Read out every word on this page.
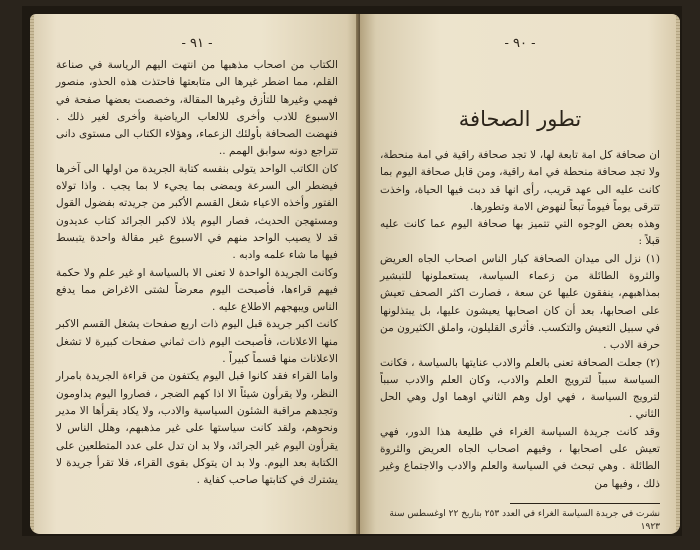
- ٩١ -

الكتاب من اصحاب مذهبها من انتهت اليهم الرياسة في صناعة القلم، مما اضطر غيرها الى متابعتها فاحتذت هذه الحذو، منصور فهمي وغيرها للتأزق وغيرها المقالة، وخصصت بعضها صفحة في الاسبوع للادب وأخرى للالعاب الرياضية وأخرى لغير ذلك . فنهضت الصحافة بأولئك الزعماء، وهؤلاء الكتاب الى مستوى دانى تتراجع دونه سوابق الهمم ..

كان الكاتب الواحد يتولى بنفسه كتابة الجريدة من اولها الى آخرها فيضطر الى السرعة ويمضى بما يجيء لا بما يجب . واذا تولاه الفتور وأخذه الاعياء شغل القسم الأكبر من جريدته بفضول القول ومستهجن الحديث، فصار اليوم يلاذ لاكبر الجرائد كتاب عديدون قد لا يصيب الواحد منهم في الاسبوع غير مقالة واحدة يتبسط فيها ما شاء علمه وادبه .

وكانت الجريدة الواحدة لا تعنى الا بالسياسة او غير علم ولا حكمة فيهم قراءها، فأصبحت اليوم معرضاً لشتى الاغراض مما يدفع الناس ويبهجهم الاطلاع عليه .

كانت اكبر جريدة قبل اليوم ذات اربع صفحات يشغل القسم الاكبر منها الاعلانات، فأصبحت اليوم ذات ثماني صفحات كبيرة لا تشغل الاعلانات منها قسماً كبيراً .

واما القراء فقد كانوا قبل اليوم يكتفون من قراءة الجريدة بامرار النظر، ولا يقرأون شيئاً الا اذا كهم الضجر ، فصاروا اليوم يداومون وتجدهم مراقبة الشئون السياسية والادب، ولا يكاد يقرأها الا مدير ونحوهم، ولقد كانت سياستها على غير مذهبهم، وهلل الناس لا يقرأون اليوم غير الجرائد، ولا بد ان تدل على عدد المتطلعين على الكتابة بعد اليوم. ولا بد ان يتوكل بقوى القراء، فلا تقرأ جريدة لا يشترك في كتابتها صاحب كفاية .

- ٩٠ -
تطور الصحافة

ان صحافة كل امة تابعة لها، لا تجد صحافة راقية في امة منحطة، ولا تجد صحافة منحطة في امة راقية، ومن قابل صحافة اليوم بما كانت عليه الى عهد قريب، رأى انها قد دبت فيها الحياة، واخذت تترقى يوماً فيوماً تبعاً لنهوض الامة وتطورها.

وهذه بعض الوجوه التي تتميز بها صحافة اليوم عما كانت عليه قبلاً :

(١) نزل الى ميدان الصحافة كبار الناس اصحاب الجاه العريض والثروة الطائلة من زعماء السياسة، يستعملونها للتبشير بمذاهبهم، ينفقون عليها عن سعة ، فصارت اكثر الصحف تعيش على اصحابها، بعد أن كان اصحابها يعيشون عليها، بل يبتذلونها في سبيل التعيش والتكسب. فأثرى القليلون، واملق الكثيرون من حرفة الادب .

(٢) جعلت الصحافة تعنى بالعلم والادب عنايتها بالسياسة ، فكانت السياسة سبباً لترويج العلم والادب، وكان العلم والادب سبباً لترويج السياسة ، فهي اول وهم الثاني اوهما اول وهي الحل الثاني .

وقد كانت جريدة السياسة الغراء في طليعة هذا الدور، فهي تعيش على اصحابها ، وفيهم اصحاب الجاه العريض والثروة الطائلة . وهي تبحث في السياسة والعلم والادب والاجتماع وغير ذلك ، وفيها من

نشرت في جريدة السياسة الغراء في العدد ٢٥٣ بتاريخ ٢٢ اوغسطس سنة ١٩٢٣
